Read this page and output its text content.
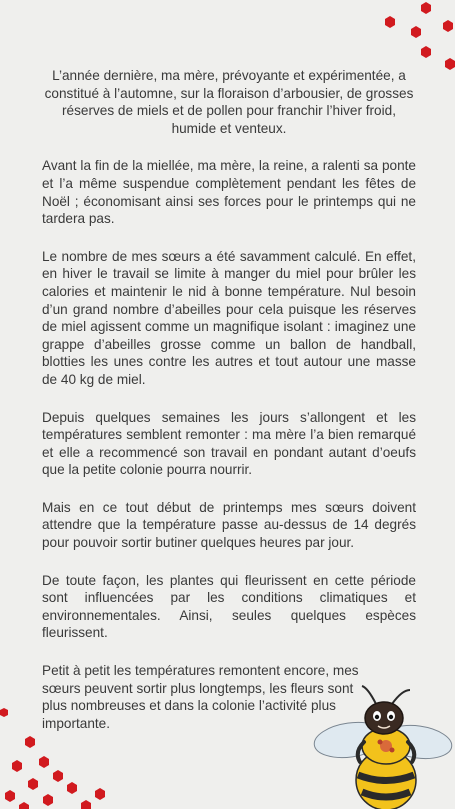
L’année dernière, ma mère, prévoyante et expérimentée, a constitué à l’automne, sur la floraison d’arbousier, de grosses réserves de miels et de pollen pour franchir l’hiver froid, humide et venteux.

Avant la fin de la miellée, ma mère, la reine, a ralenti sa ponte et l’a même suspendue complètement pendant les fêtes de Noël ; économisant ainsi ses forces pour le printemps qui ne tardera pas.

Le nombre de mes sœurs a été savamment calculé. En effet, en hiver le travail se limite à manger du miel pour brûler les calories et maintenir le nid à bonne température. Nul besoin d’un grand nombre d’abeilles pour cela puisque les réserves de miel agissent comme un magnifique isolant : imaginez une grappe d’abeilles grosse comme un ballon de handball, blotties les unes contre les autres et tout autour une masse de 40 kg de miel.

Depuis quelques semaines les jours s’allongent et les températures semblent remonter : ma mère l’a bien remarqué et elle a recommencé son travail en pondant autant d’oeufs que la petite colonie pourra nourrir.

Mais en ce tout début de printemps mes sœurs doivent attendre que la température passe au-dessus de 14 degrés pour pouvoir sortir butiner quelques heures par jour.

De toute façon, les plantes qui fleurissent en cette période sont influencées par les conditions climatiques et environnementales. Ainsi, seules quelques espèces fleurissent.

Petit à petit les températures remontent encore, mes sœurs peuvent sortir plus longtemps, les fleurs sont plus nombreuses et dans la colonie l’activité plus importante.
